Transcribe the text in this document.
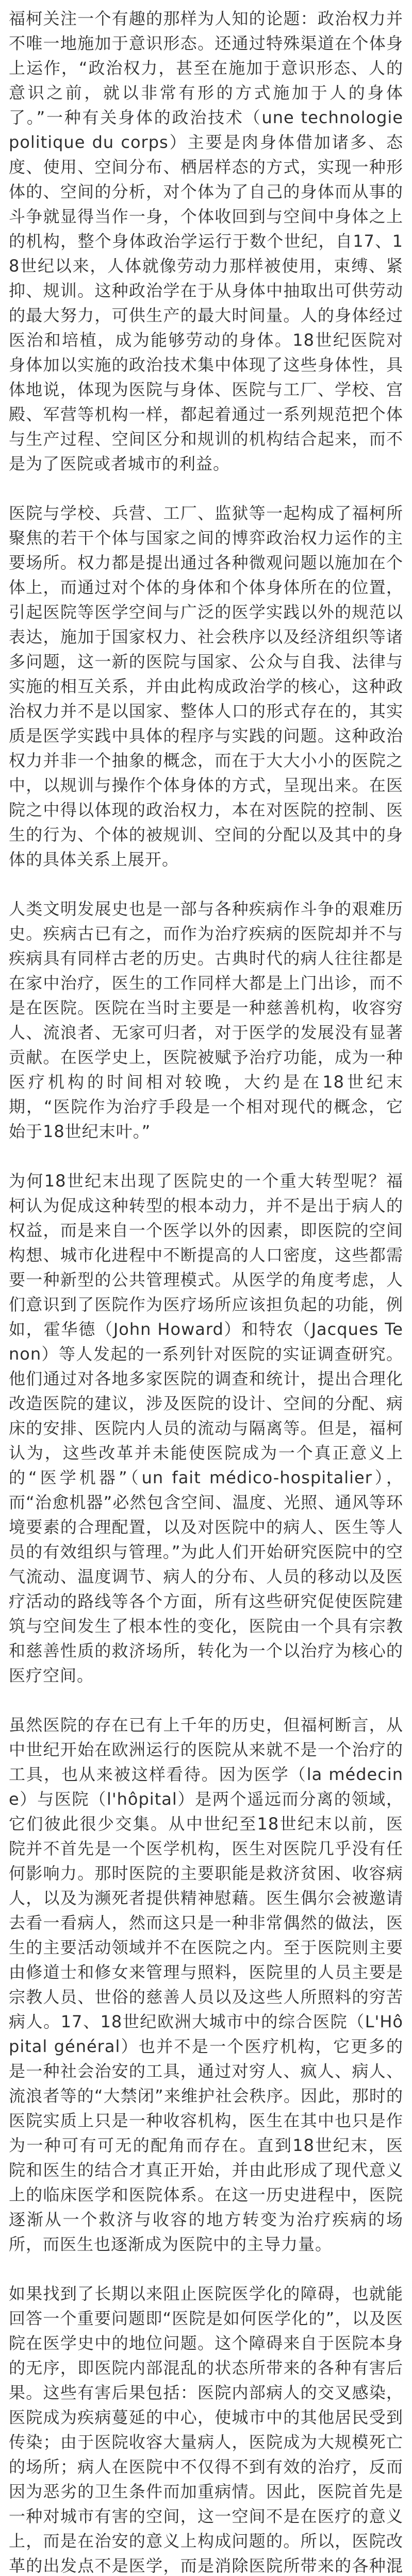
福柯关注一个有趣的那样为人知的论题：政治权力并不唯一地施加于意识形态。还通过特殊渠道在个体身上运作，“政治权力，甚至在施加于意识形态、人的意识之前，就以非常有形的方式施加于人的身体了。”一种有关身体的政治技术（une technologie politique du corps）主要是肉身体借加诸多、态度、使用、空间分布、栖居样态的方式，实现一种形体的、空间的分析，对个体为了自己的身体而从事的斗争就显得当作一身，个体收回到与空间中身体之上的机构，整个身体政治学运行于数个世纪，自17、18世纪以来，人体就像劳动力那样被使用，束缚、紧抑、规训。这种政治学在于从身体中抽取出可供劳动的最大努力，可供生产的最大时间量。人的身体经过医治和培植，成为能够劳动的身体。18世纪医院对身体加以实施的政治技术集中体现了这些身体性，具体地说，体现为医院与身体、医院与工厂、学校、宫殿、军营等机构一样，都起着通过一系列规范把个体与生产过程、空间区分和规训的机构结合起来，而不是为了医院或者城市的利益。

医院与学校、兵营、工厂、监狱等一起构成了福柯所聚焦的若干个体与国家之间的博弈政治权力运作的主要场所。权力都是提出通过各种微观问题以施加在个体上，而通过对个体的身体和个体身体所在的位置，引起医院等医学空间与广泛的医学实践以外的规范以表达，施加于国家权力、社会秩序以及经济组织等诸多问题，这一新的医院与国家、公众与自我、法律与实施的相互关系，并由此构成政治学的核心，这种政治权力并不是以国家、整体人口的形式存在的，其实质是医学实践中具体的程序与实践的问题。这种政治权力并非一个抽象的概念，而在于大大小小的医院之中，以规训与操作个体身体的方式，呈现出来。在医院之中得以体现的政治权力，本在对医院的控制、医生的行为、个体的被规训、空间的分配以及其中的身体的具体关系上展开。

人类文明发展史也是一部与各种疾病作斗争的艰难历史。疾病古已有之，而作为治疗疾病的医院却并不与疾病具有同样古老的历史。古典时代的病人往往都是在家中治疗，医生的工作同样大都是上门出诊，而不是在医院。医院在当时主要是一种慈善机构，收容穷人、流浪者、无家可归者，对于医学的发展没有显著贡献。在医学史上，医院被赋予治疗功能，成为一种医疗机构的时间相对较晚，大约是在18世纪末期，“医院作为治疗手段是一个相对现代的概念，它始于18世纪末叶。”

为何18世纪末出现了医院史的一个重大转型呢？福柯认为促成这种转型的根本动力，并不是出于病人的权益，而是来自一个医学以外的因素，即医院的空间构想、城市化进程中不断提高的人口密度，这些都需要一种新型的公共管理模式。从医学的角度考虑，人们意识到了医院作为医疗场所应该担负起的功能，例如，霍华德（John Howard）和特农（Jacques Tenon）等人发起的一系列针对医院的实证调查研究。他们通过对各地多家医院的调查和统计，提出合理化改造医院的建议，涉及医院的设计、空间的分配、病床的安排、医院内人员的流动与隔离等。但是，福柯认为，这些改革并未能使医院成为一个真正意义上的“医学机器”（un fait médico-hospitalier），而“治愈机器”必然包含空间、温度、光照、通风等环境要素的合理配置，以及对医院中的病人、医生等人员的有效组织与管理。”为此人们开始研究医院中的空气流动、温度调节、病人的分布、人员的移动以及医疗活动的路线等各个方面，所有这些研究促使医院建筑与空间发生了根本性的变化，医院由一个具有宗教和慈善性质的救济场所，转化为一个以治疗为核心的医疗空间。

虽然医院的存在已有上千年的历史，但福柯断言，从中世纪开始在欧洲运行的医院从来就不是一个治疗的工具，也从来被这样看待。因为医学（la médecine）与医院（l'hôpital）是两个遥远而分离的领域，它们彼此很少交集。从中世纪至18世纪末以前，医院并不首先是一个医学机构，医生对医院几乎没有任何影响力。那时医院的主要职能是救济贫困、收容病人，以及为濒死者提供精神慰藉。医生偶尔会被邀请去看一看病人，然而这只是一种非常偶然的做法，医生的主要活动领域并不在医院之内。至于医院则主要由修道士和修女来管理与照料，医院里的人员主要是宗教人员、世俗的慈善人员以及这些人所照料的穷苦病人。17、18世纪欧洲大城市中的综合医院（L'Hôpital général）也并不是一个医疗机构，它更多的是一种社会治安的工具，通过对穷人、疯人、病人、流浪者等的“大禁闭”来维护社会秩序。因此，那时的医院实质上只是一种收容机构，医生在其中也只是作为一种可有可无的配角而存在。直到18世纪末，医院和医生的结合才真正开始，并由此形成了现代意义上的临床医学和医院体系。在这一历史进程中，医院逐渐从一个救济与收容的地方转变为治疗疾病的场所，而医生也逐渐成为医院中的主导力量。

如果找到了长期以来阻止医院医学化的障碍，也就能回答一个重要问题即“医院是如何医学化的”，以及医院在医学史中的地位问题。这个障碍来自于医院本身的无序，即医院内部混乱的状态所带来的各种有害后果。这些有害后果包括：医院内部病人的交叉感染，医院成为疾病蔓延的中心，使城市中的其他居民受到传染；由于医院收容大量病人，医院成为大规模死亡的场所；病人在医院中不仅得不到有效的治疗，反而因为恶劣的卫生条件而加重病情。因此，医院首先是一种对城市有害的空间，这一空间不是在医疗的意义上，而是在治安的意义上构成问题的。所以，医院改革的出发点不是医学，而是消除医院所带来的各种混
